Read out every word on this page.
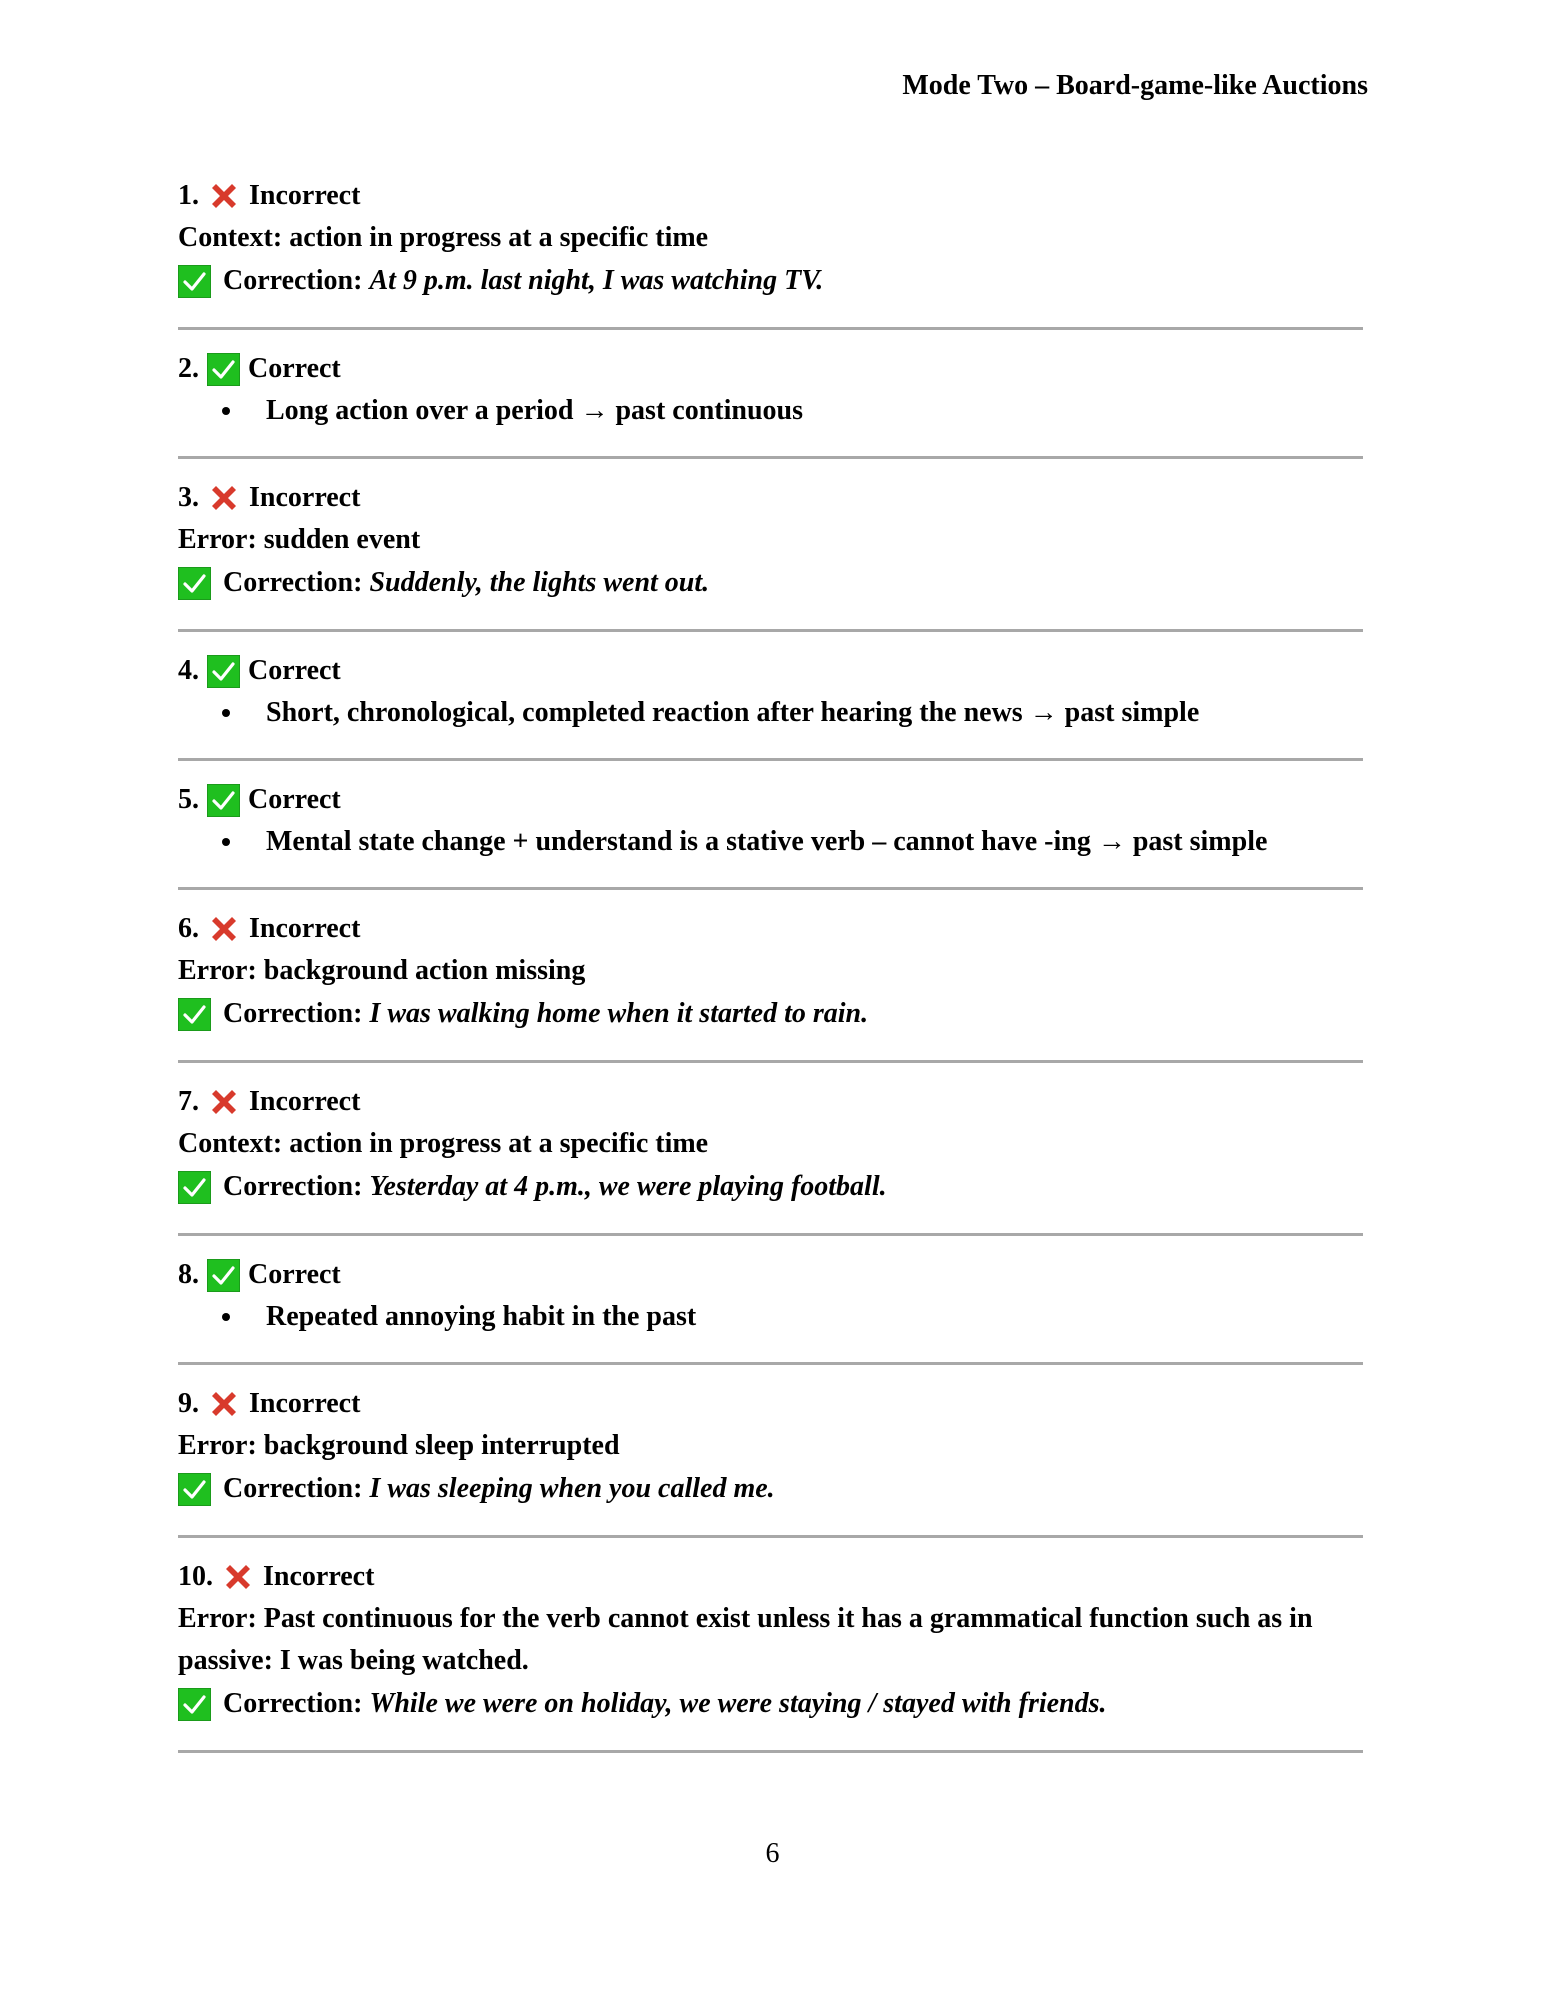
Mode Two – Board-game-like Auctions
1. Incorrect
Context: action in progress at a specific time
Correction: At 9 p.m. last night, I was watching TV.
2. Correct
Long action over a period → past continuous
3. Incorrect
Error: sudden event
Correction: Suddenly, the lights went out.
4. Correct
Short, chronological, completed reaction after hearing the news → past simple
5. Correct
Mental state change + understand is a stative verb – cannot have -ing → past simple
6. Incorrect
Error: background action missing
Correction: I was walking home when it started to rain.
7. Incorrect
Context: action in progress at a specific time
Correction: Yesterday at 4 p.m., we were playing football.
8. Correct
Repeated annoying habit in the past
9. Incorrect
Error: background sleep interrupted
Correction: I was sleeping when you called me.
10. Incorrect
Error: Past continuous for the verb cannot exist unless it has a grammatical function such as in passive: I was being watched.
Correction: While we were on holiday, we were staying / stayed with friends.
6
